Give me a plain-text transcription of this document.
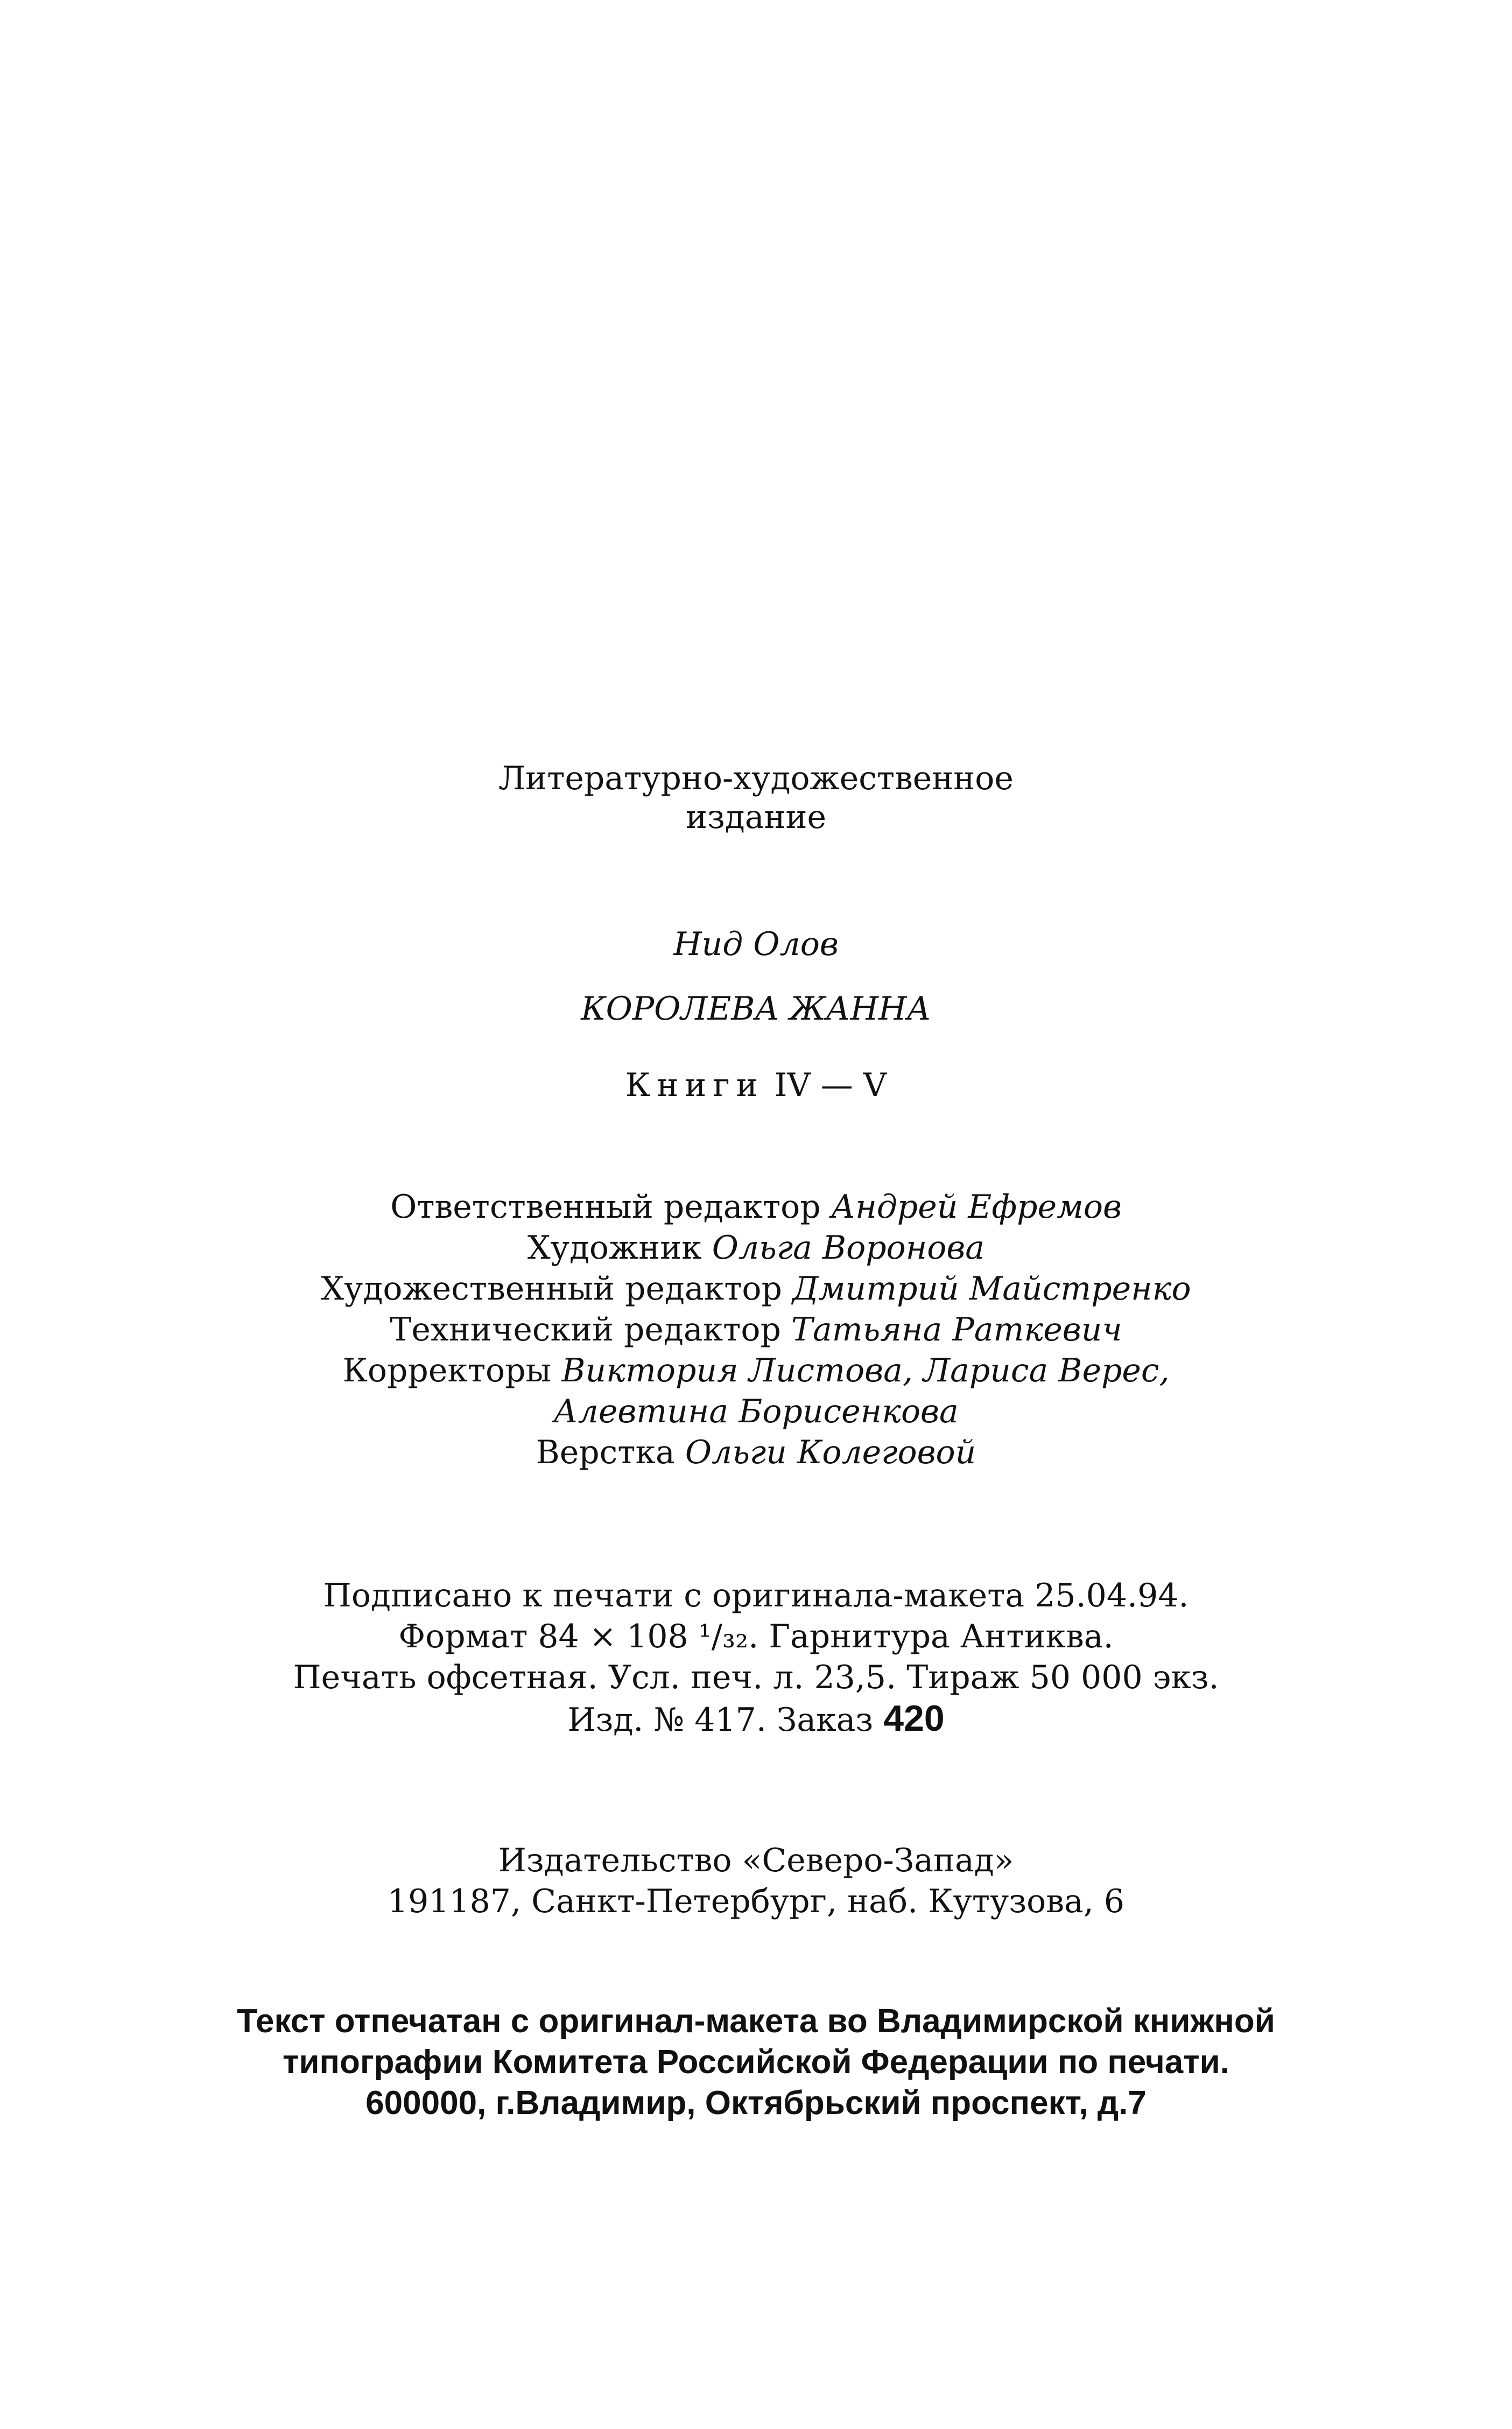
Литературно-художественное
издание
Нид Олов
КОРОЛЕВА ЖАННА
Книги IV — V
Ответственный редактор Андрей Ефремов
Художник Ольга Воронова
Художественный редактор Дмитрий Майстренко
Технический редактор Татьяна Раткевич
Корректоры Виктория Листова, Лариса Верес,
Алевтина Борисенкова
Верстка Ольги Колеговой
Подписано к печати с оригинала-макета 25.04.94.
Формат 84 × 108 ¹/₃₂. Гарнитура Антиква.
Печать офсетная. Усл. печ. л. 23,5. Тираж 50 000 экз.
Изд. № 417. Заказ 420
Издательство «Северо-Запад»
191187, Санкт-Петербург, наб. Кутузова, 6
Текст отпечатан с оригинал-макета во Владимирской книжной
типографии Комитета Российской Федерации по печати.
600000, г.Владимир, Октябрьский проспект, д.7
